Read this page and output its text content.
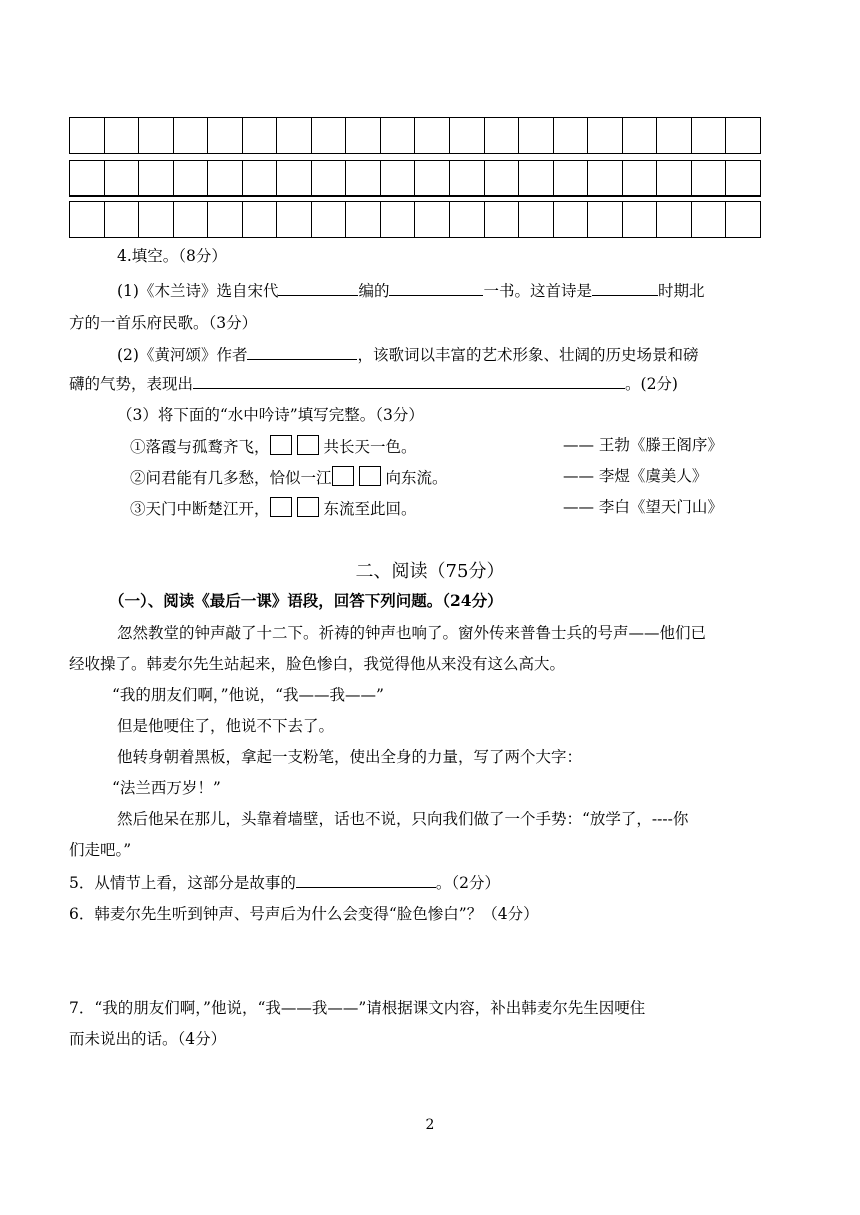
4.填空。（8分）
(1)《木兰诗》选自宋代	编的	一书。这首诗是	时期北
方的一首乐府民歌。（3分）
(2)《黄河颂》作者	，该歌词以丰富的艺术形象、壮阔的历史场景和磅
礴的气势，表现出	。(2分)
（3）将下面的“水中吟诗”填写完整。（3分）
①落霞与孤鹜齐飞，	共长天一色。	—— 王勃《滕王阁序》
②问君能有几多愁，恰似一江	向东流。	—— 李煜《虞美人》
③天门中断楚江开，	东流至此回。	—— 李白《望天门山》
二、阅读（75分）
（一）、阅读《最后一课》语段，回答下列问题。（24分）
忽然教堂的钟声敲了十二下。祈祷的钟声也响了。窗外传来普鲁士兵的号声——他们已
经收操了。韩麦尔先生站起来，脸色惨白，我觉得他从来没有这么高大。
“我的朋友们啊，”他说，“我——我——”
但是他哽住了，他说不下去了。
他转身朝着黑板，拿起一支粉笔，使出全身的力量，写了两个大字：
“法兰西万岁！”
然后他呆在那儿，头靠着墙壁，话也不说，只向我们做了一个手势：“放学了，----你
们走吧。”
5．从情节上看，这部分是故事的	。（2分）
6．韩麦尔先生听到钟声、号声后为什么会变得“脸色惨白”？（4分）
7．“我的朋友们啊，”他说，“我——我——”请根据课文内容，补出韩麦尔先生因哽住
而未说出的话。（4分）
2
